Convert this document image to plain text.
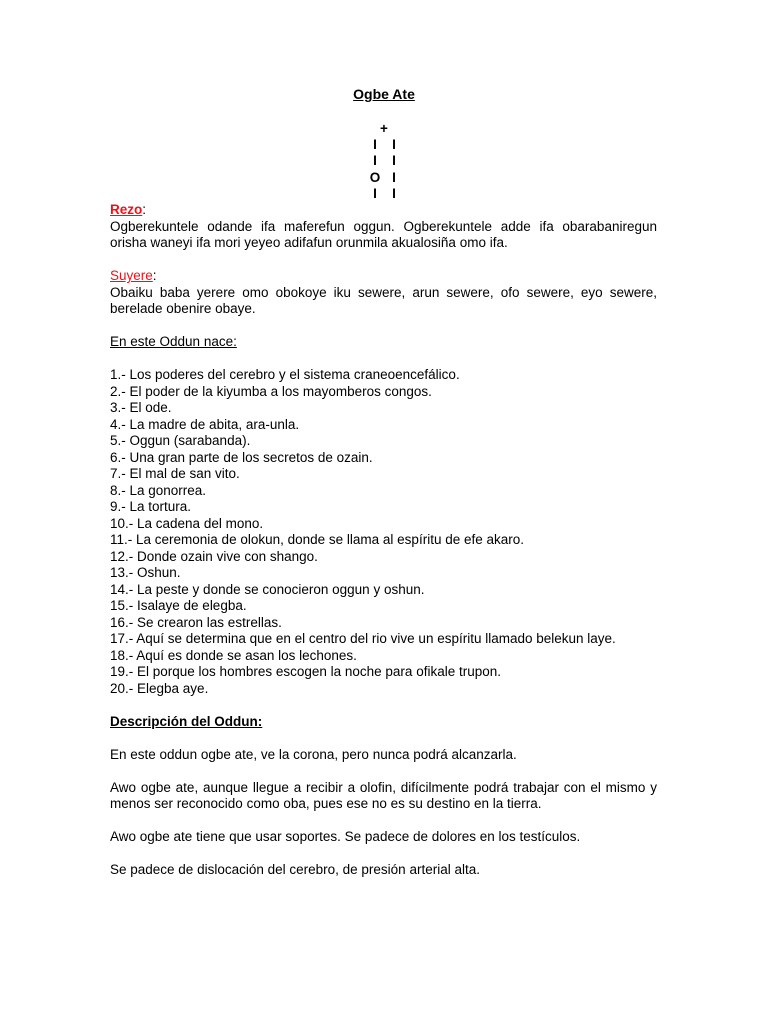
Ogbe Ate
+
I	I
I	I
O I
I	I
Rezo:

Ogberekuntele odande ifa maferefun oggun. Ogberekuntele adde ifa obarabaniregun orisha waneyi ifa mori yeyeo adifafun orunmila akualosiña omo ifa.

Suyere:

Obaiku baba yerere omo obokoye iku sewere, arun sewere, ofo sewere, eyo sewere, berelade obenire obaye.

En este Oddun nace:

1.- Los poderes del cerebro y el sistema craneoencefálico.

2.- El poder de la kiyumba a los mayomberos congos.

3.- El ode.

4.- La madre de abita, ara-unla.

5.- Oggun (sarabanda).

6.- Una gran parte de los secretos de ozain.

7.- El mal de san vito.

8.- La gonorrea.

9.- La tortura.

10.- La cadena del mono.

11.- La ceremonia de olokun, donde se llama al espíritu de efe akaro.

12.- Donde ozain vive con shango.

13.- Oshun.

14.- La peste y donde se conocieron oggun y oshun.

15.- Isalaye de elegba.

16.- Se crearon las estrellas.

17.- Aquí se determina que en el centro del rio vive un espíritu llamado belekun laye.

18.- Aquí es donde se asan los lechones.

19.- El porque los hombres escogen la noche para ofikale trupon.

20.- Elegba aye.

Descripción del Oddun:

En este oddun ogbe ate, ve la corona, pero nunca podrá alcanzarla.

Awo ogbe ate, aunque llegue a recibir a olofin, difícilmente podrá trabajar con el mismo y menos ser reconocido como oba, pues ese no es su destino en la tierra.

Awo ogbe ate tiene que usar soportes. Se padece de dolores en los testículos.

Se padece de dislocación del cerebro, de presión arterial alta.
